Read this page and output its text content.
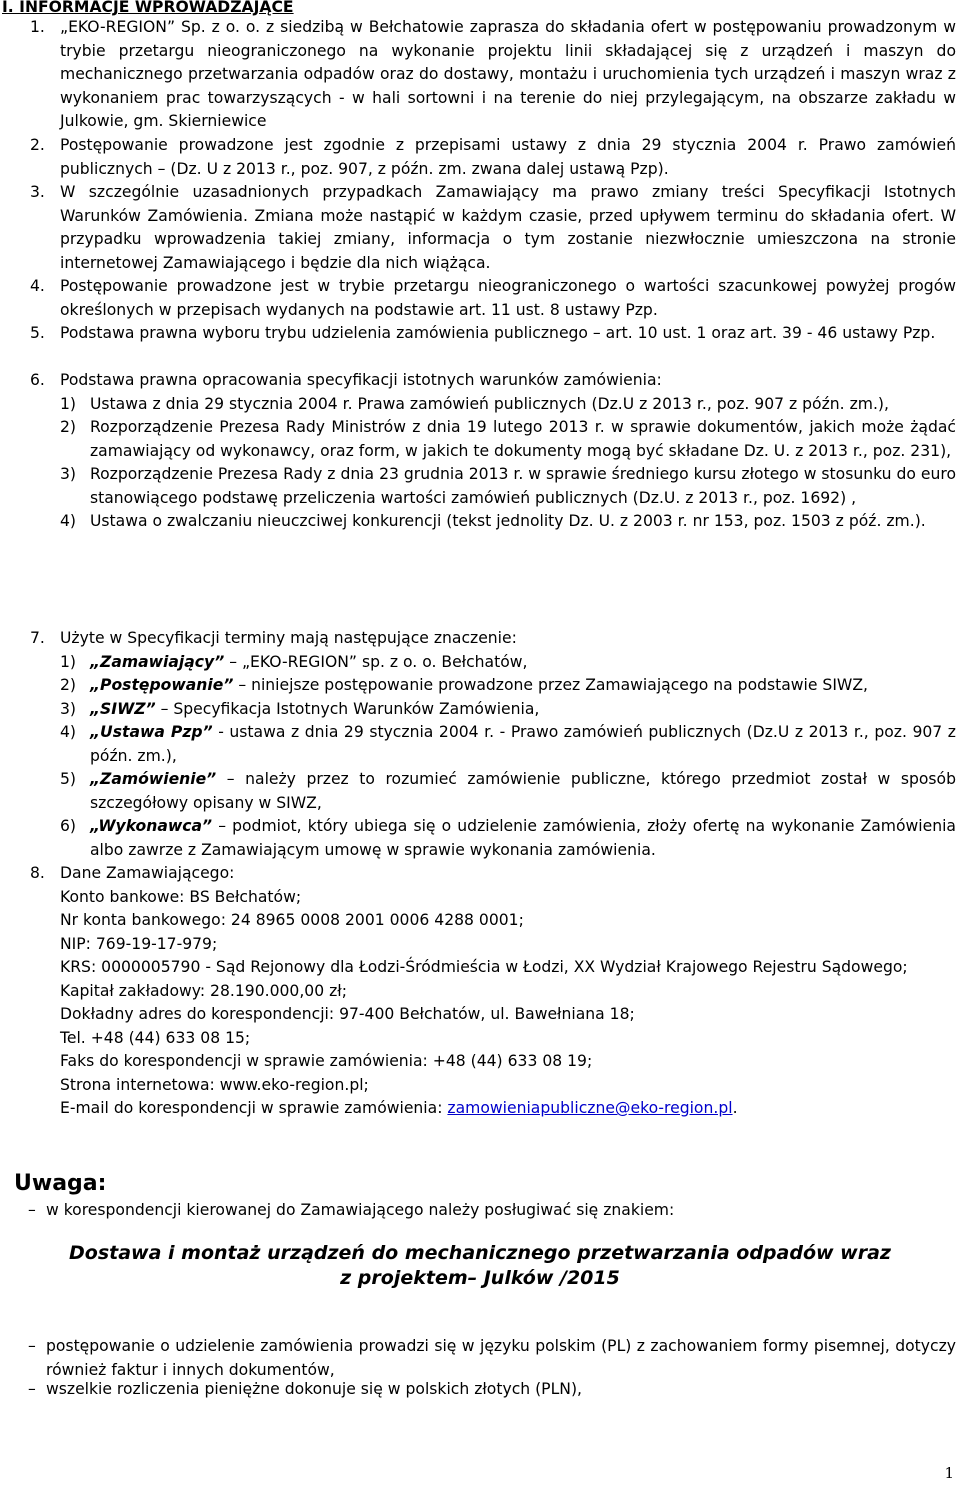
I. INFORMACJE WPROWADZAJĄCE
1. „EKO-REGION” Sp. z o. o. z siedzibą w Bełchatowie zaprasza do składania ofert w postępowaniu prowadzonym w trybie przetargu nieograniczonego na wykonanie projektu linii składającej się z urządzeń i maszyn do mechanicznego przetwarzania odpadów oraz do dostawy, montażu i uruchomienia tych urządzeń i maszyn wraz z wykonaniem prac towarzyszących - w hali sortowni i na terenie do niej przylegającym, na obszarze zakładu w Julkowie, gm. Skierniewice
2. Postępowanie prowadzone jest zgodnie z przepisami ustawy z dnia 29 stycznia 2004 r. Prawo zamówień publicznych – (Dz. U z 2013 r., poz. 907, z późn. zm. zwana dalej ustawą Pzp).
3. W szczególnie uzasadnionych przypadkach Zamawiający ma prawo zmiany treści Specyfikacji Istotnych Warunków Zamówienia. Zmiana może nastąpić w każdym czasie, przed upływem terminu do składania ofert. W przypadku wprowadzenia takiej zmiany, informacja o tym zostanie niezwłocznie umieszczona na stronie internetowej Zamawiającego i będzie dla nich wiążąca.
4. Postępowanie prowadzone jest w trybie przetargu nieograniczonego o wartości szacunkowej powyżej progów określonych w przepisach wydanych na podstawie art. 11 ust. 8 ustawy Pzp.
5. Podstawa prawna wyboru trybu udzielenia zamówienia publicznego – art. 10 ust. 1 oraz art. 39 - 46 ustawy Pzp.
6. Podstawa prawna opracowania specyfikacji istotnych warunków zamówienia:
1) Ustawa z dnia 29 stycznia 2004 r. Prawa zamówień publicznych (Dz.U z 2013 r., poz. 907 z późn. zm.),
2) Rozporządzenie Prezesa Rady Ministrów z dnia 19 lutego 2013 r. w sprawie dokumentów, jakich może żądać zamawiający od wykonawcy, oraz form, w jakich te dokumenty mogą być składane Dz. U. z 2013 r., poz. 231),
3) Rozporządzenie Prezesa Rady z dnia 23 grudnia 2013 r. w sprawie średniego kursu złotego w stosunku do euro stanowiącego podstawę przeliczenia wartości zamówień publicznych (Dz.U. z 2013 r., poz. 1692) ,
4) Ustawa o zwalczaniu nieuczciwej konkurencji (tekst jednolity Dz. U. z 2003 r. nr 153, poz. 1503 z póź. zm.).
7. Użyte w Specyfikacji terminy mają następujące znaczenie:
1) „Zamawiający” – „EKO-REGION” sp. z o. o. Bełchatów,
2) „Postępowanie” – niniejsze postępowanie prowadzone przez Zamawiającego na podstawie SIWZ,
3) „SIWZ” – Specyfikacja Istotnych Warunków Zamówienia,
4) „Ustawa Pzp” - ustawa z dnia 29 stycznia 2004 r. - Prawo zamówień publicznych (Dz.U z 2013 r., poz. 907 z późn. zm.),
5) „Zamówienie” – należy przez to rozumieć zamówienie publiczne, którego przedmiot został w sposób szczegółowy opisany w SIWZ,
6) „Wykonawca” – podmiot, który ubiega się o udzielenie zamówienia, złoży ofertę na wykonanie Zamówienia albo zawrze z Zamawiającym umowę w sprawie wykonania zamówienia.
8. Dane Zamawiającego:
Konto bankowe: BS Bełchatów;
Nr konta bankowego: 24 8965 0008 2001 0006 4288 0001;
NIP: 769-19-17-979;
KRS: 0000005790 - Sąd Rejonowy dla Łodzi-Śródmieścia w Łodzi, XX Wydział Krajowego Rejestru Sądowego;
Kapitał zakładowy: 28.190.000,00 zł;
Dokładny adres do korespondencji: 97-400 Bełchatów, ul. Bawełniana 18;
Tel. +48 (44) 633 08 15;
Faks do korespondencji w sprawie zamówienia: +48 (44) 633 08 19;
Strona internetowa: www.eko-region.pl;
E-mail do korespondencji w sprawie zamówienia: zamowieniapubliczne@eko-region.pl.
Uwaga:
– w korespondencji kierowanej do Zamawiającego należy posługiwać się znakiem:
Dostawa i montaż urządzeń do mechanicznego przetwarzania odpadów wraz
z projektem– Julków /2015
– postępowanie o udzielenie zamówienia prowadzi się w języku polskim (PL) z zachowaniem formy pisemnej, dotyczy również faktur i innych dokumentów,
– wszelkie rozliczenia pieniężne dokonuje się w polskich złotych (PLN),
1
